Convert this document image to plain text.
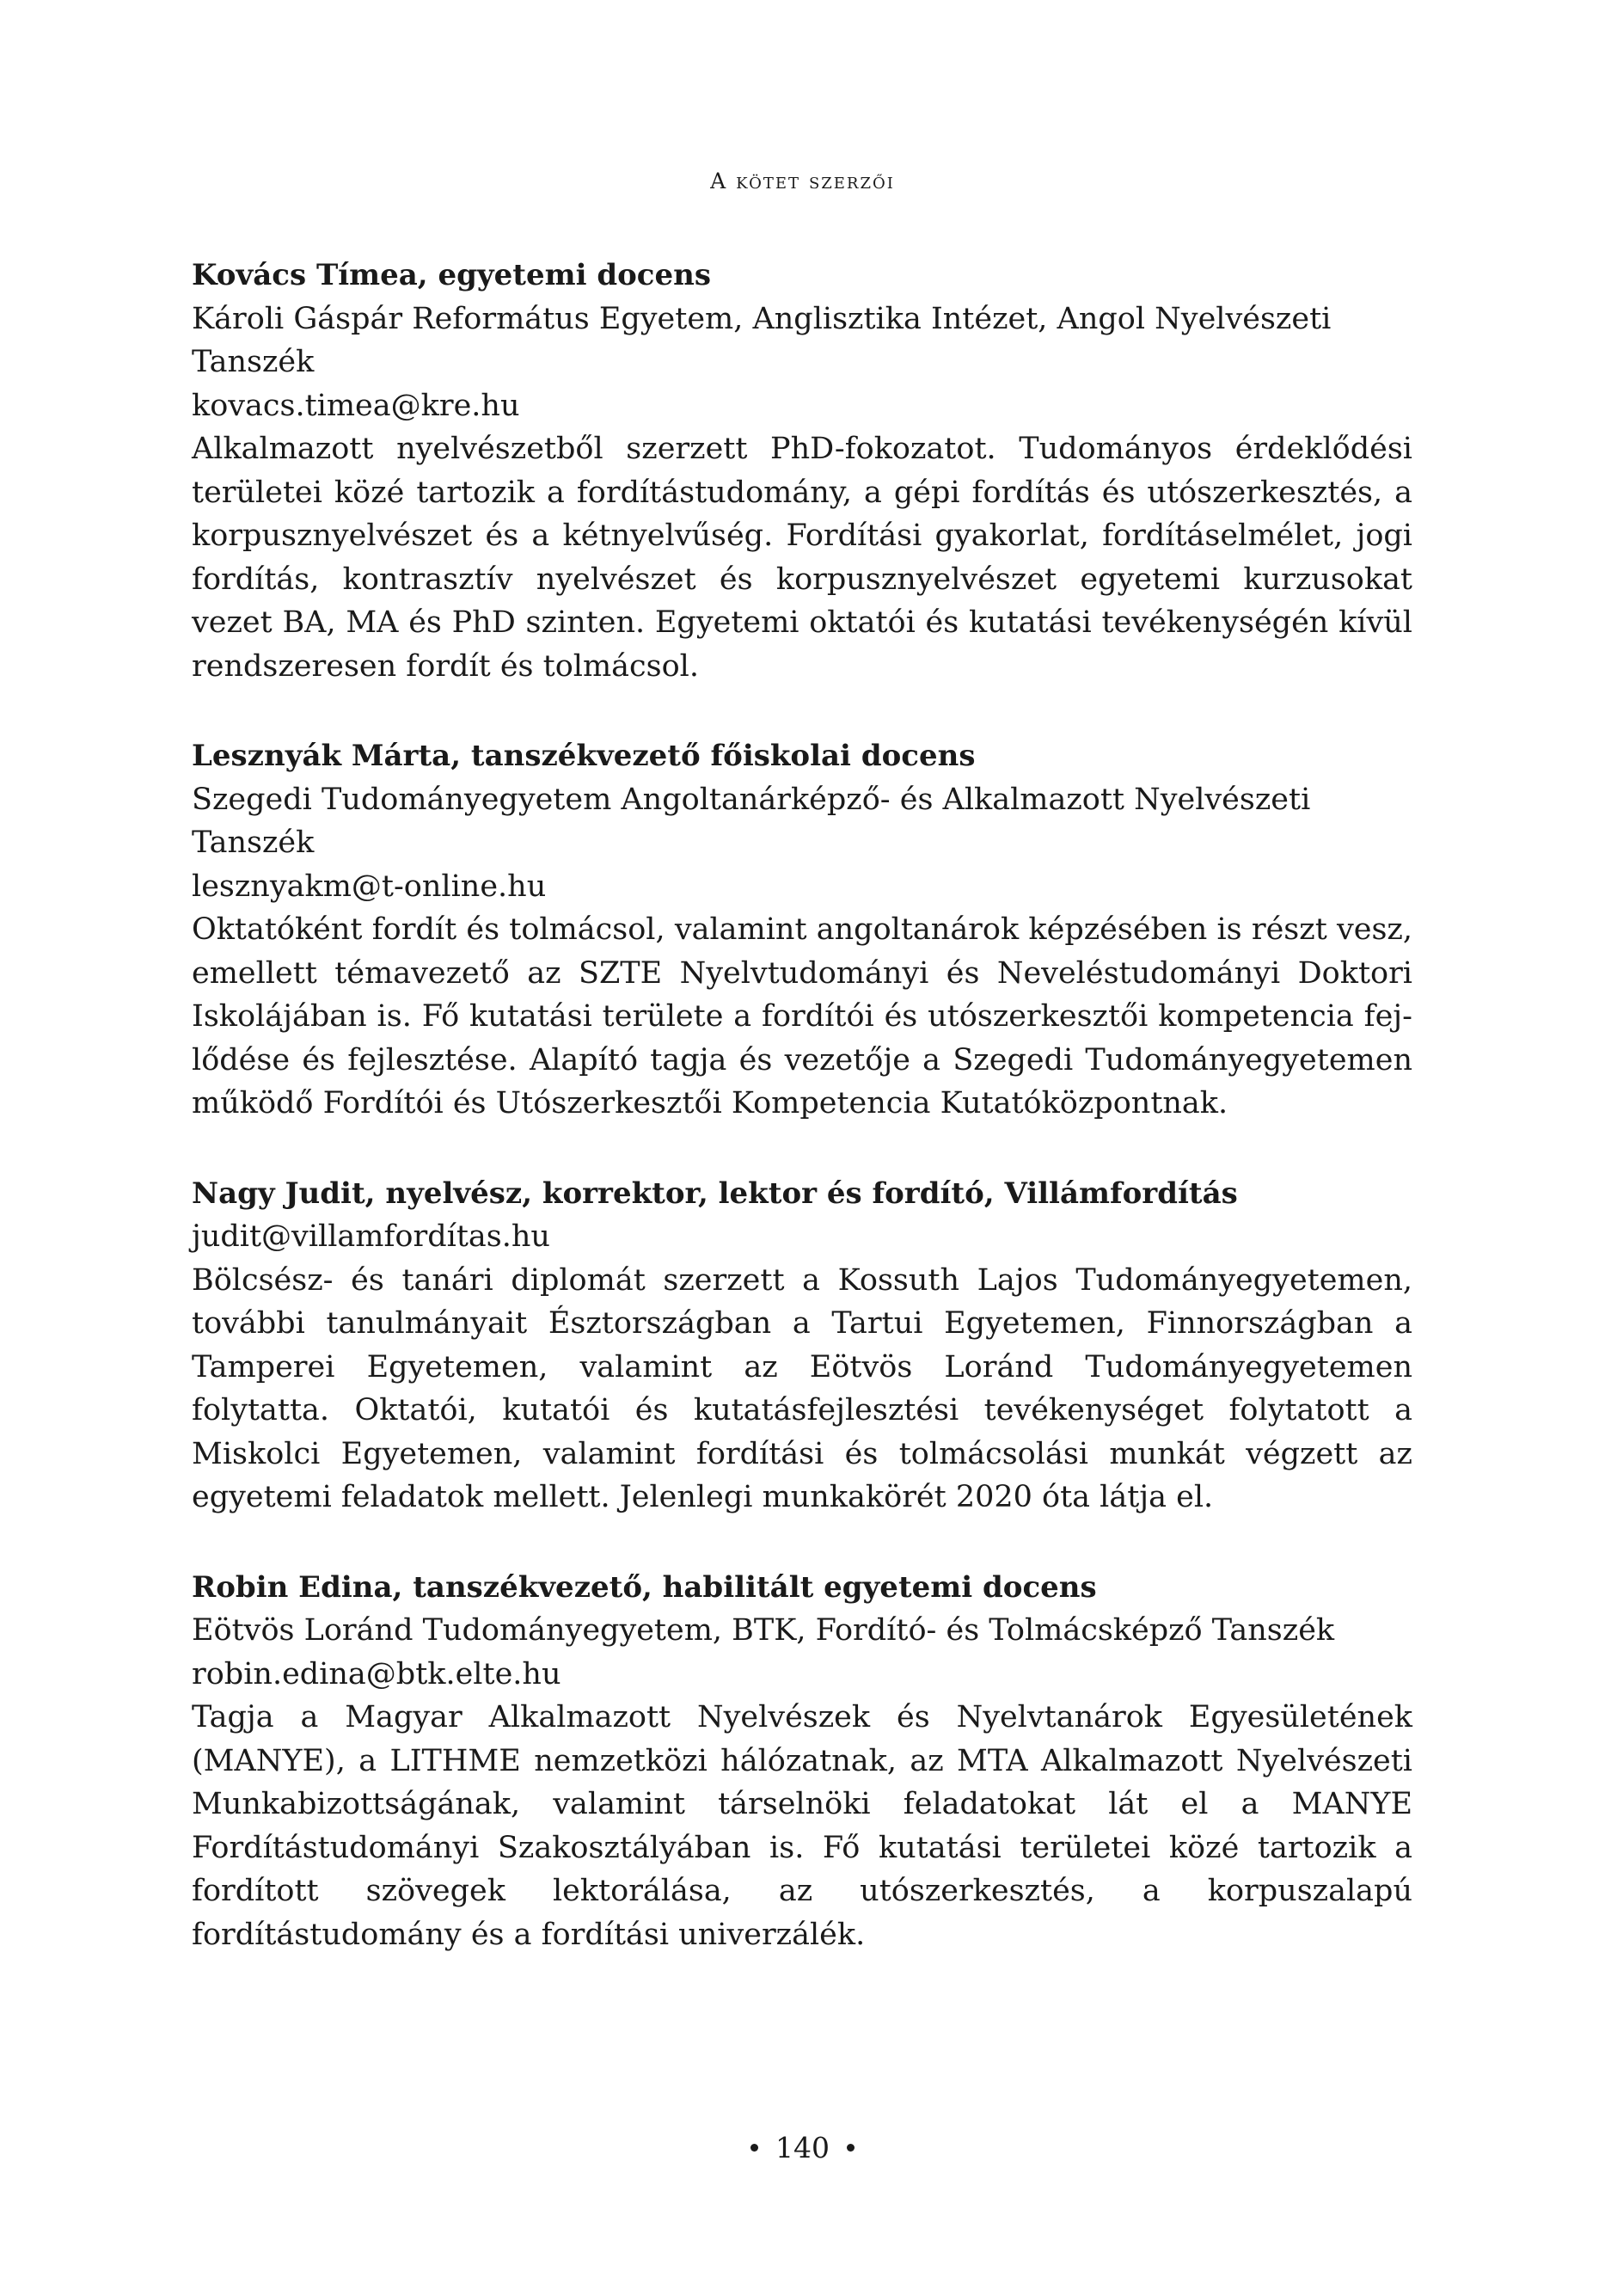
A kötet szerzői

Kovács Tímea, egyetemi docens

Károli Gáspár Református Egyetem, Anglisztika Intézet, Angol Nyelvészeti Tanszék

kovacs.timea@kre.hu

Alkalmazott nyelvészetből szerzett PhD-fokozatot. Tudományos érdeklődési területei közé tartozik a fordítástudomány, a gépi fordítás és utószerkesztés, a korpusznyelvészet és a kétnyelvűség. Fordítási gyakorlat, fordításelmélet, jogi fordítás, kontrasztív nyelvészet és korpusznyelvészet egyetemi kurzusokat vezet BA, MA és PhD szinten. Egyetemi oktatói és kutatási tevékenységén kívül rendszeresen fordít és tolmácsol.

Lesznyák Márta, tanszékvezető főiskolai docens

Szegedi Tudományegyetem Angoltanárképző- és Alkalmazott Nyelvészeti Tanszék

lesznyakm@t-online.hu

Oktatóként fordít és tolmácsol, valamint angoltanárok képzésében is részt vesz, emellett témavezető az SZTE Nyelvtudományi és Neveléstudományi Doktori Iskolájában is. Fő kutatási területe a fordítói és utószerkesztői kompetencia fejlődése és fejlesztése. Alapító tagja és vezetője a Szegedi Tudományegyetemen működő Fordítói és Utószerkesztői Kompetencia Kutatóközpontnak.

Nagy Judit, nyelvész, korrektor, lektor és fordító, Villámfordítás

judit@villamfordítas.hu

Bölcsész- és tanári diplomát szerzett a Kossuth Lajos Tudományegyetemen, további tanulmányait Észtországban a Tartui Egyetemen, Finnországban a Tamperei Egyetemen, valamint az Eötvös Loránd Tudományegyetemen folytatta. Oktatói, kutatói és kutatásfejlesztési tevékenységet folytatott a Miskolci Egyetemen, valamint fordítási és tolmácsolási munkát végzett az egyetemi feladatok mellett. Jelenlegi munkakörét 2020 óta látja el.

Robin Edina, tanszékvezető, habilitált egyetemi docens

Eötvös Loránd Tudományegyetem, BTK, Fordító- és Tolmácsképző Tanszék

robin.edina@btk.elte.hu

Tagja a Magyar Alkalmazott Nyelvészek és Nyelvtanárok Egyesületének (MANYE), a LITHME nemzetközi hálózatnak, az MTA Alkalmazott Nyelvészeti Munkabizottságának, valamint társelnöki feladatokat lát el a MANYE Fordítástudományi Szakosztályában is. Fő kutatási területei közé tartozik a fordított szövegek lektorálása, az utószerkesztés, a korpuszalapú fordítástudomány és a fordítási univerzálék.

140
